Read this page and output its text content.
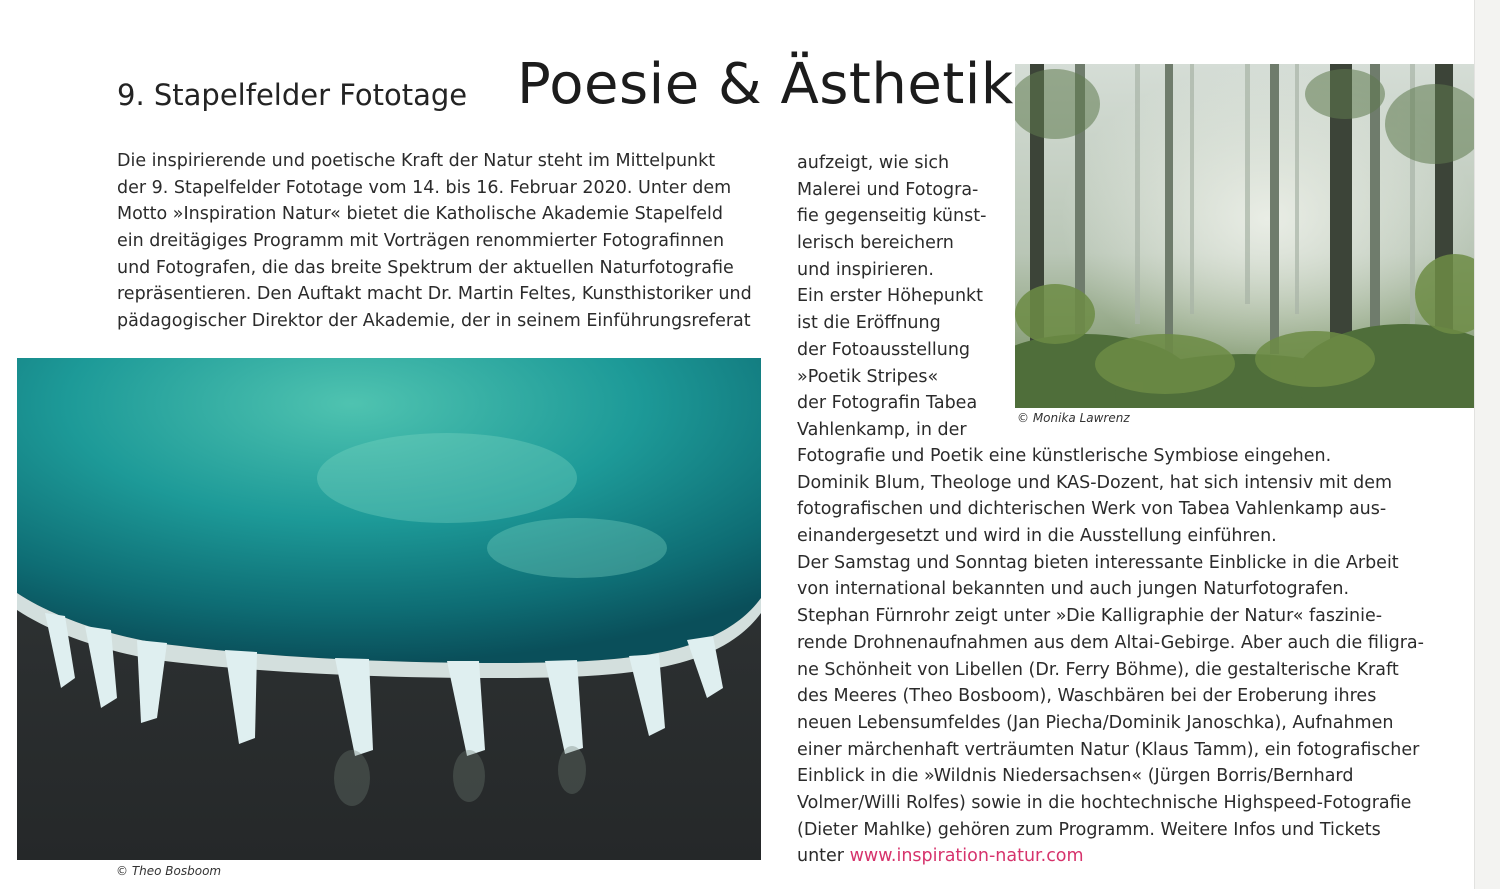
9. Stapelfelder Fototage Poesie & Ästhetik
Die inspirierende und poetische Kraft der Natur steht im Mittelpunkt
der 9. Stapelfelder Fototage vom 14. bis 16. Februar 2020. Unter dem
Motto »Inspiration Natur« bietet die Katholische Akademie Stapelfeld
ein dreitägiges Programm mit Vorträgen renommierter Fotografinnen
und Fotografen, die das breite Spektrum der aktuellen Naturfotografie
repräsentieren. Den Auftakt macht Dr. Martin Feltes, Kunsthistoriker und
pädagogischer Direktor der Akademie, der in seinem Einführungsreferat
aufzeigt, wie sich
Malerei und Fotogra-
fie gegenseitig künst-
lerisch bereichern
und inspirieren.
Ein erster Höhepunkt
ist die Eröffnung
der Fotoausstellung
»Poetik Stripes«
der Fotografin Tabea
Vahlenkamp, in der
Fotografie und Poetik eine künstlerische Symbiose eingehen.
Dominik Blum, Theologe und KAS-Dozent, hat sich intensiv mit dem
fotografischen und dichterischen Werk von Tabea Vahlenkamp aus-
einandergesetzt und wird in die Ausstellung einführen.
Der Samstag und Sonntag bieten interessante Einblicke in die Arbeit
von international bekannten und auch jungen Naturfotografen.
Stephan Fürnrohr zeigt unter »Die Kalligraphie der Natur« faszinie-
rende Drohnenaufnahmen aus dem Altai-Gebirge. Aber auch die filigra-
ne Schönheit von Libellen (Dr. Ferry Böhme), die gestalterische Kraft
des Meeres (Theo Bosboom), Waschbären bei der Eroberung ihres
neuen Lebensumfeldes (Jan Piecha/Dominik Janoschka), Aufnahmen
einer märchenhaft verträumten Natur (Klaus Tamm), ein fotografischer
Einblick in die »Wildnis Niedersachsen« (Jürgen Borris/Bernhard
Volmer/Willi Rolfes) sowie in die hochtechnische Highspeed-Fotografie
(Dieter Mahlke) gehören zum Programm. Weitere Infos und Tickets
unter www.inspiration-natur.com
© Monika Lawrenz
© Theo Bosboom
